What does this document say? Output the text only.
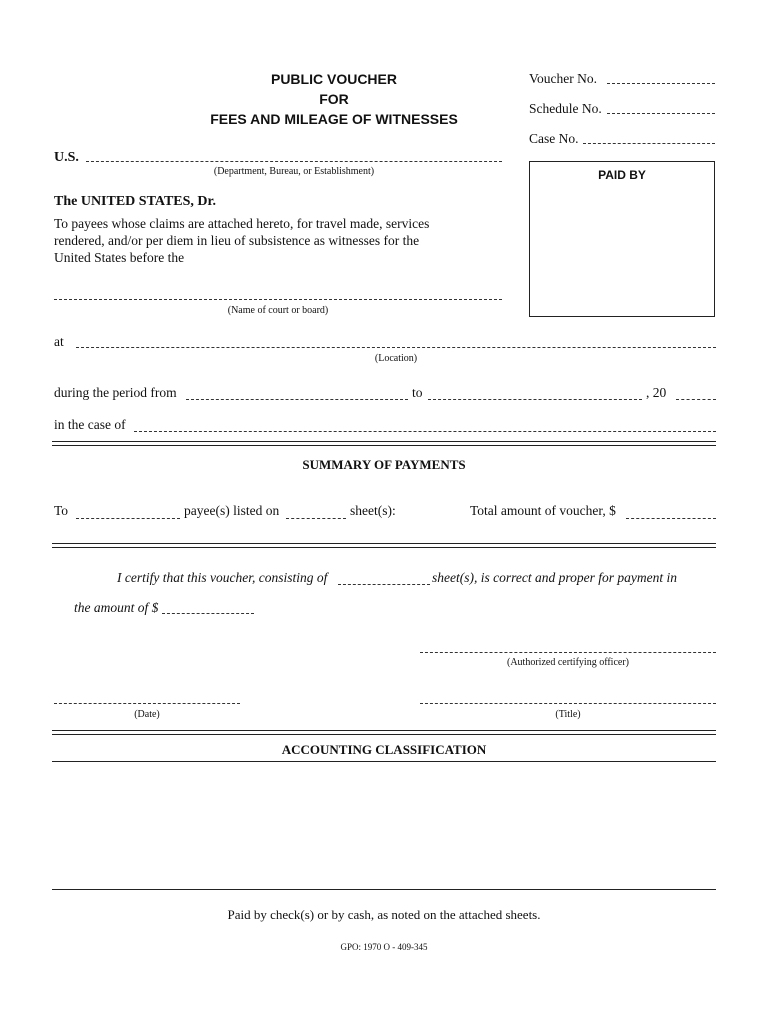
PUBLIC VOUCHER
FOR
FEES AND MILEAGE OF WITNESSES
Voucher No.
Schedule No.
Case No.
PAID BY
U.S.
(Department, Bureau, or Establishment)
The UNITED STATES, Dr.
To payees whose claims are attached hereto, for travel made, services
rendered, and/or per diem in lieu of subsistence as witnesses for the
United States before the
(Name of court or board)
at
(Location)
during the period from	to	, 20
in the case of
SUMMARY OF PAYMENTS
To	payee(s) listed on	sheet(s):	Total amount of voucher, $
I certify that this voucher, consisting of	sheet(s), is correct and proper for payment in
the amount of $
(Authorized certifying officer)
(Date)	(Title)
ACCOUNTING CLASSIFICATION
Paid by check(s) or by cash, as noted on the attached sheets.
GPO: 1970 O - 409-345
